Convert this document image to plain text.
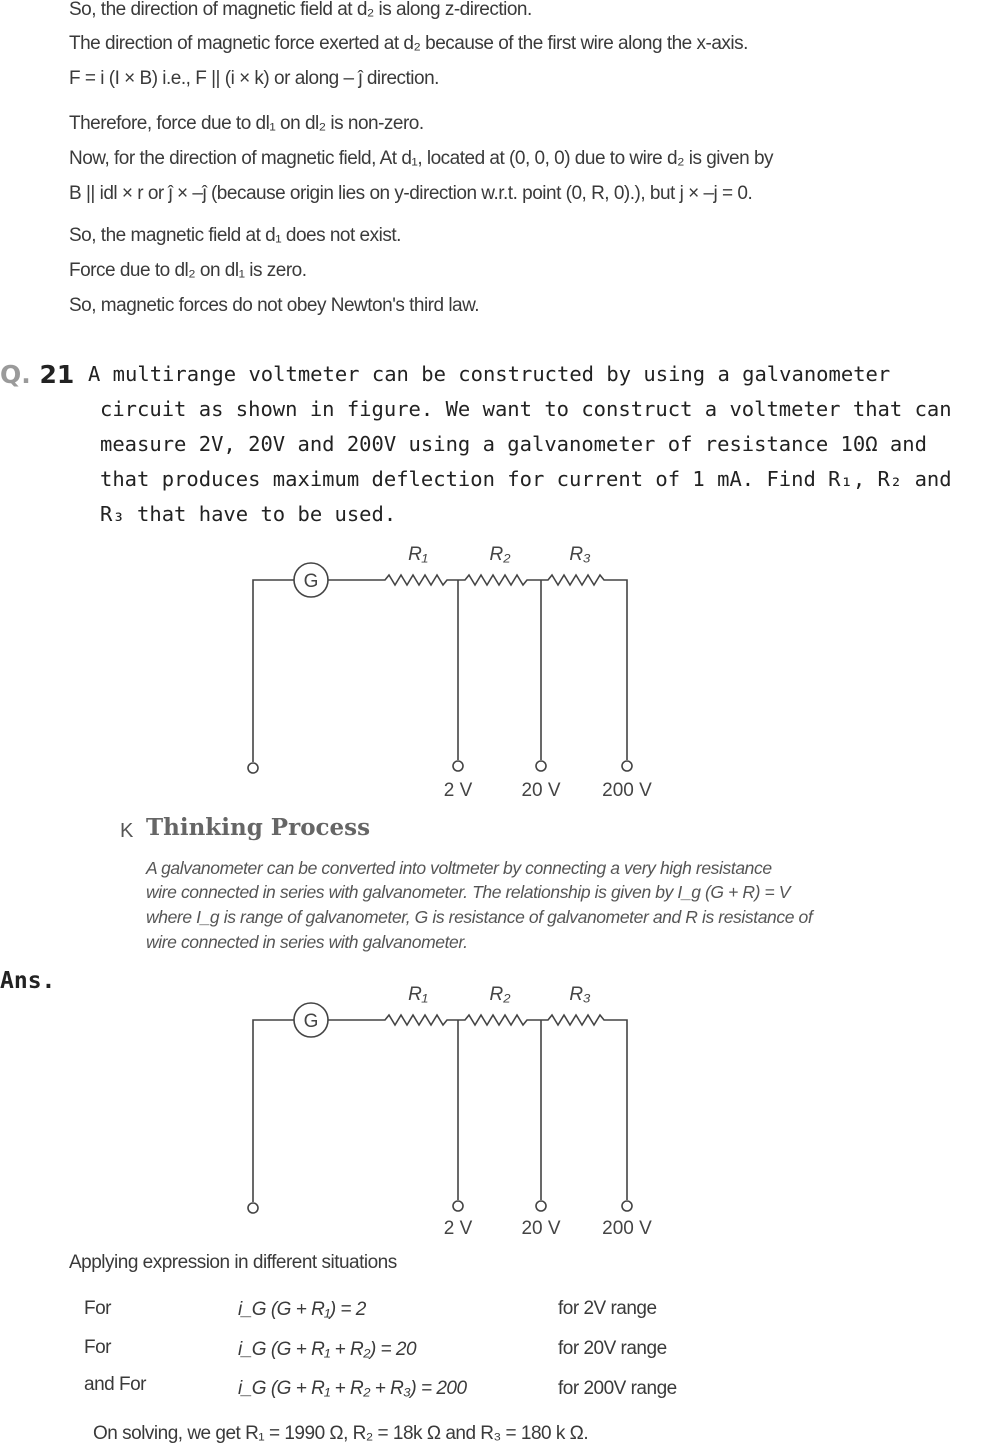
So, the direction of magnetic field at d₂ is along z-direction.
The direction of magnetic force exerted at d₂ because of the first wire along the x-axis.
F = i (I × B) i.e., F || (i × k) or along – ĵ direction.
Therefore, force due to dl₁ on dl₂ is non-zero.
Now, for the direction of magnetic field, At d₁, located at (0, 0, 0) due to wire d₂ is given by
B || idl × r or ĵ × –ĵ (because origin lies on y-direction w.r.t. point (0, R, 0).), but j × –j = 0.
So, the magnetic field at d₁ does not exist.
Force due to dl₂ on dl₁ is zero.
So, magnetic forces do not obey Newton's third law.
Q. 21 A multirange voltmeter can be constructed by using a galvanometer
circuit as shown in figure. We want to construct a voltmeter that can
measure 2V, 20V and 200V using a galvanometer of resistance 10Ω and
that produces maximum deflection for current of 1 mA. Find R₁, R₂ and
R₃ that have to be used.
G
R₁	R₂	R₃
2 V	20 V 200 V
K Thinking Process
A galvanometer can be converted into voltmeter by connecting a very high resistance
wire connected in series with galvanometer. The relationship is given by I_g (G + R) = V
where I_g is range of galvanometer, G is resistance of galvanometer and R is resistance of
wire connected in series with galvanometer.
Ans.
G
R₁	R₂	R₃
2 V	20 V 200 V
Applying expression in different situations
For	i_G (G + R₁) = 2	for 2V range
For	i_G (G + R₁ + R₂) = 20	for 20V range
and For	i_G (G + R₁ + R₂ + R₃) = 200	for 200V range
On solving, we get R₁ = 1990 Ω, R₂ = 18k Ω and R₃ = 180 k Ω.
